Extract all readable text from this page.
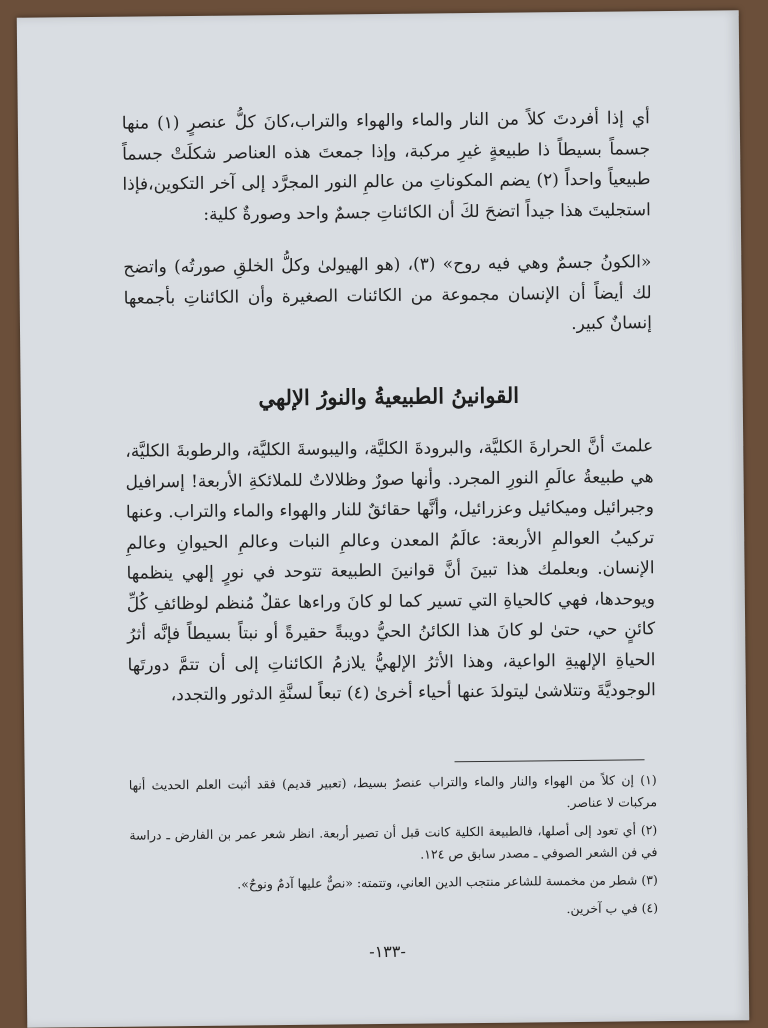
أي إذا أفردتَ كلاً من النار والماء والهواء والتراب،كانَ كلُّ عنصرٍ (١) منها جسماً بسيطاً ذا طبيعةٍ غيرِ مركبة، وإذا جمعتَ هذه العناصر شكلَتْ جسماً طبيعياً واحداً (٢) يضم المكوناتِ من عالمِ النور المجرَّد إلى آخر التكوين،فإذا استجليتَ هذا جيداً اتضحَ لكَ أن الكائناتِ جسمٌ واحد وصورةٌ كلية:

«الكونُ جسمٌ وهي فيه روح» (٣)، (هو الهيولىٰ وكلُّ الخلقِ صورتُه) واتضح لك أيضاً أن الإنسان مجموعة من الكائنات الصغيرة وأن الكائناتِ بأجمعها إنسانٌ كبير.

القوانينُ الطبيعيةُ والنورُ الإلهي

علمتَ أنَّ الحرارةَ الكليَّة، والبرودةَ الكليَّة، واليبوسةَ الكليَّة، والرطوبةَ الكليَّة، هي طبيعةُ عالَمِ النورِ المجرد. وأنها صورٌ وظلالاتٌ للملائكةِ الأربعة! إسرافيل وجبرائيل وميكائيل وعزرائيل، وأنَّها حقائقٌ للنار والهواء والماء والتراب. وعنها تركيبُ العوالمِ الأربعة: عالَمُ المعدن وعالمِ النبات وعالمِ الحيوانِ وعالمِ الإنسان. وبعلمك هذا تبينَ أنَّ قوانينَ الطبيعة تتوحد في نورٍ إلهي ينظمها ويوحدها، فهي كالحياةِ التي تسير كما لو كانَ وراءها عقلٌ مُنظم لوظائفِ كُلِّ كائنٍ حي، حتىٰ لو كانَ هذا الكائنُ الحيُّ دويبةً حقيرةً أو نبتاً بسيطاً فإنَّه أثرُ الحياةِ الإلهيةِ الواعية، وهذا الأثرُ الإلهيُّ يلازمُ الكائناتِ إلى أن تتمَّ دورتَها الوجوديَّةَ وتتلاشىٰ ليتولدَ عنها أحياء أخرىٰ (٤) تبعاً لسنَّةِ الدثور والتجدد،

(١) إن كلاً من الهواء والنار والماء والتراب عنصرٌ بسيط، (تعبير قديم) فقد أثبت العلم الحديث أنها مركبات لا عناصر.

(٢) أي تعود إلى أصلها، فالطبيعة الكلية كانت قبل أن تصير أربعة. انظر شعر عمر بن الفارض ـ دراسة في فن الشعر الصوفي ـ مصدر سابق ص ١٢٤.

(٣) شطر من مخمسة للشاعر منتجب الدين العاني، وتتمته: «نصٌّ عليها آدمٌ ونوحٌ».

(٤) في ب آخرين.

-١٣٣-
